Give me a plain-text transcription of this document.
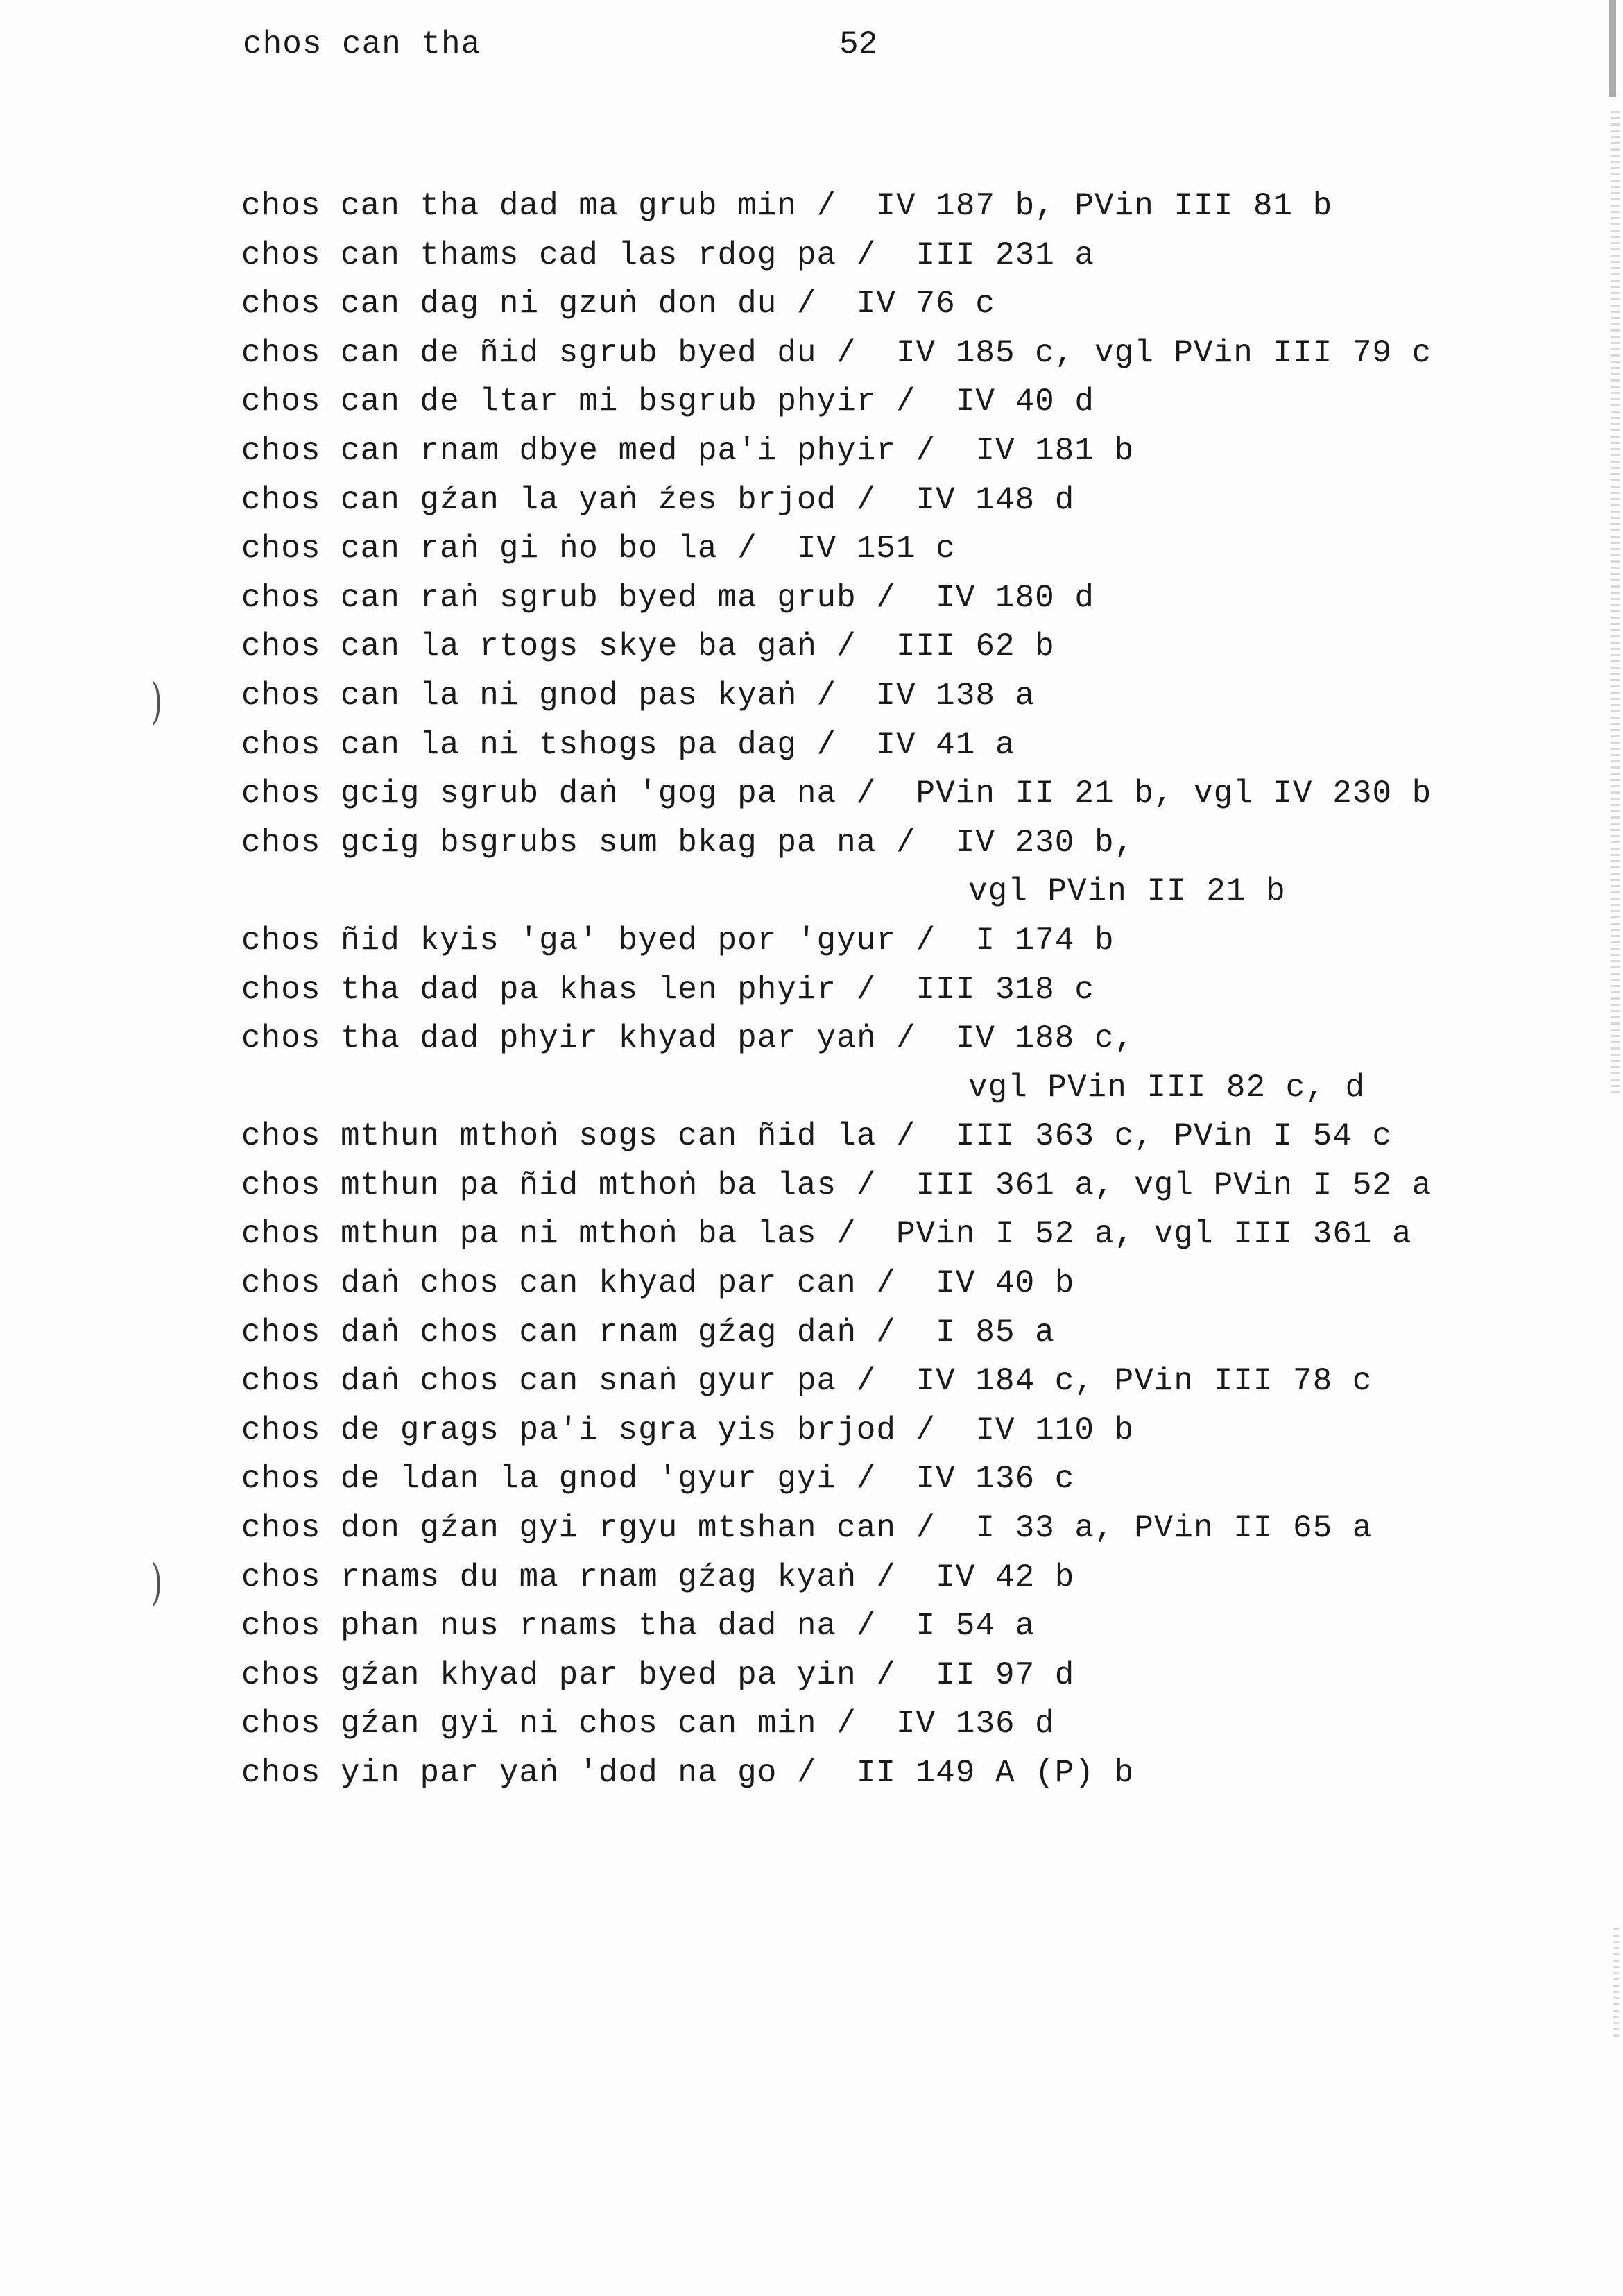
chos can tha	52
chos can tha dad ma grub min /  IV 187 b, PVin III 81 b
chos can thams cad las rdog pa /  III 231 a
chos can dag ni gzuṅ don du /  IV 76 c
chos can de ñid sgrub byed du /  IV 185 c, vgl PVin III 79 c
chos can de ltar mi bsgrub phyir /  IV 40 d
chos can rnam dbye med pa'i phyir /  IV 181 b
chos can gźan la yaṅ źes brjod /  IV 148 d
chos can raṅ gi ṅo bo la /  IV 151 c
chos can raṅ sgrub byed ma grub /  IV 180 d
chos can la rtogs skye ba gaṅ /  III 62 b
chos can la ni gnod pas kyaṅ /  IV 138 a
chos can la ni tshogs pa dag /  IV 41 a
chos gcig sgrub daṅ 'gog pa na /  PVin II 21 b, vgl IV 230 b
chos gcig bsgrubs sum bkag pa na /  IV 230 b,
vgl PVin II 21 b
chos ñid kyis 'ga' byed por 'gyur /  I 174 b
chos tha dad pa khas len phyir /  III 318 c
chos tha dad phyir khyad par yaṅ /  IV 188 c,
vgl PVin III 82 c, d
chos mthun mthoṅ sogs can ñid la /  III 363 c, PVin I 54 c
chos mthun pa ñid mthoṅ ba las /  III 361 a, vgl PVin I 52 a
chos mthun pa ni mthoṅ ba las /  PVin I 52 a, vgl III 361 a
chos daṅ chos can khyad par can /  IV 40 b
chos daṅ chos can rnam gźag daṅ /  I 85 a
chos daṅ chos can snaṅ gyur pa /  IV 184 c, PVin III 78 c
chos de grags pa'i sgra yis brjod /  IV 110 b
chos de ldan la gnod 'gyur gyi /  IV 136 c
chos don gźan gyi rgyu mtshan can /  I 33 a, PVin II 65 a
chos rnams du ma rnam gźag kyaṅ /  IV 42 b
chos phan nus rnams tha dad na /  I 54 a
chos gźan khyad par byed pa yin /  II 97 d
chos gźan gyi ni chos can min /  IV 136 d
chos yin par yaṅ 'dod na go /  II 149 A (P) b
)
)
